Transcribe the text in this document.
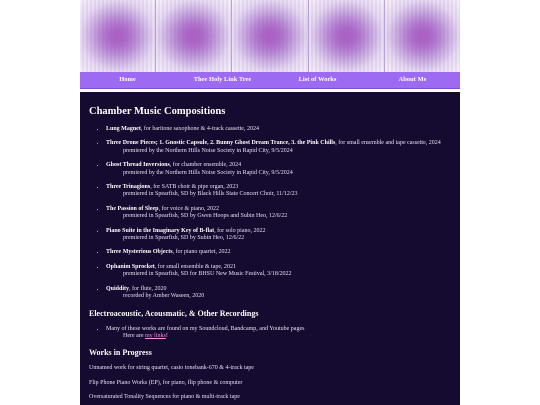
Home	Thee Holy Link Tree	List of Works	About Me
Chamber Music Compositions
• Lung Magnet, for baritone saxophone & 4-track cassette, 2024
• Three Drone Pieces; 1. Gnostic Capsule, 2. Bunny Ghost Dream Trance, 3. the Pink Chills, for small ensemble and tape cassette, 2024
premiered by the Northern Hills Noise Society in Rapid City, 9/5/2024
• Ghost Thread Inversions, for chamber ensemble, 2024
premiered by the Northern Hills Noise Society in Rapid City, 9/5/2024
• Three Trinagions, for SATB choir & pipe organ, 2023
premiered in Spearfish, SD by Black Hills State Concert Choir, 11/12/23
• The Passion of Sleep, for voice & piano, 2022
premiered in Spearfish, SD by Gwen Hoops and Subin Heo, 12/6/22
• Piano Suite in the Imaginary Key of B-flat, for solo piano, 2022
premiered in Spearfish, SD by Subin Heo, 12/6/22
• Three Mysterious Objects, for piano quartet, 2022
• Ophanim Sprocket, for small ensemble & tape, 2021
premiered in Spearfish, SD for BHSU New Music Festival, 3/18/2022
• Quiddity, for flute, 2020
recorded by Amber Waseen, 2020
Electroacoustic, Acousmatic, & Other Recordings
• Many of these works are found on my Soundcloud, Bandcamp, and Youtube pages
Here are my links!
Works in Progress

Unnamed work for string quartet, casio tonebank-670 & 4-track tape

Flip Phone Piano Works (EP), for piano, flip phone & computer

Oversaturated Tonality Sequences for piano & multi-track tape
